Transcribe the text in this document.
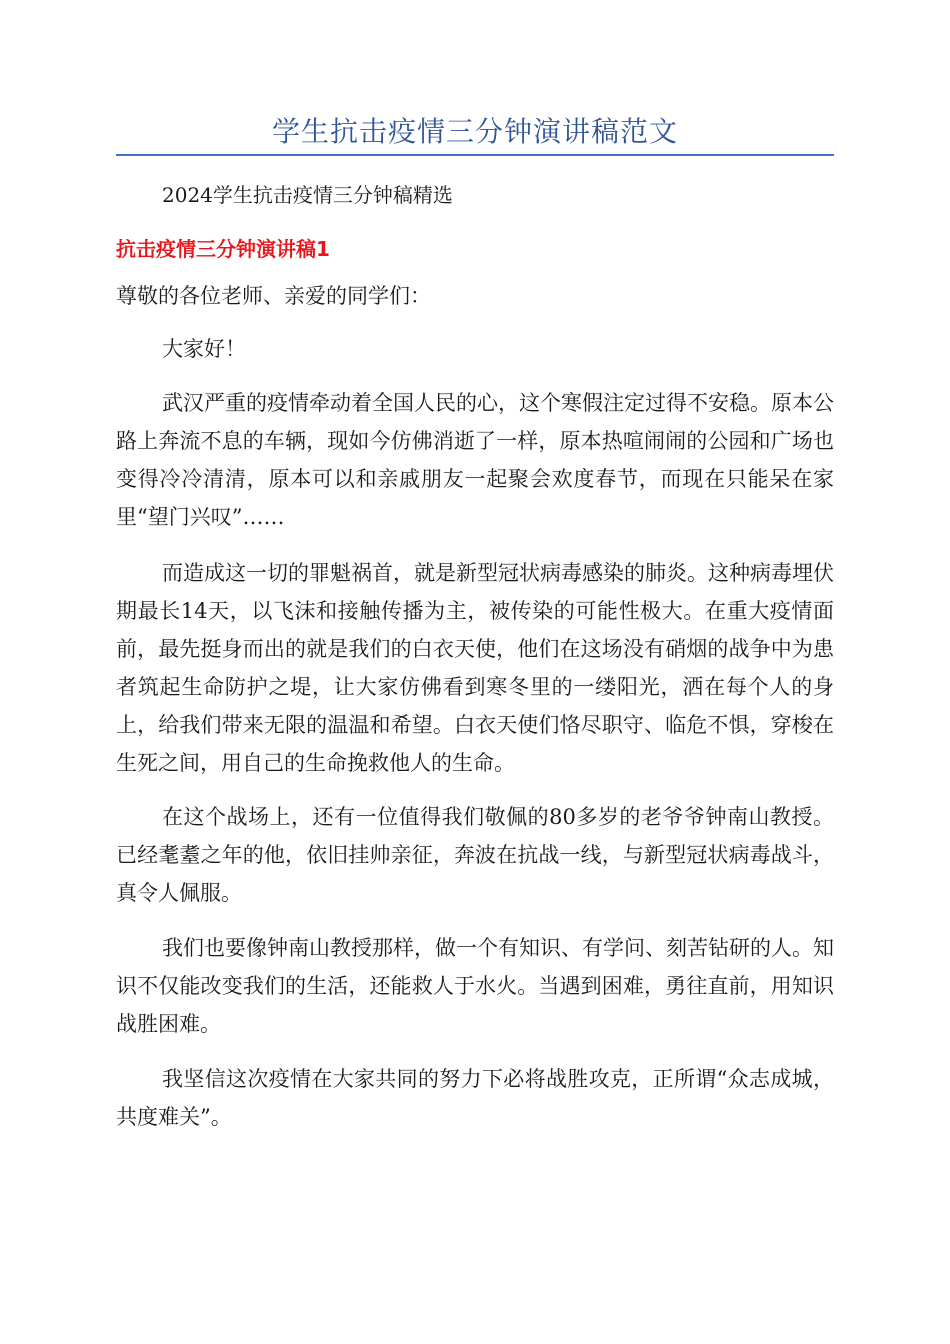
学生抗击疫情三分钟演讲稿范文
2024学生抗击疫情三分钟稿精选
抗击疫情三分钟演讲稿1

尊敬的各位老师、亲爱的同学们：

大家好！

武汉严重的疫情牵动着全国人民的心，这个寒假注定过得不安稳。原本公路上奔流不息的车辆，现如今仿佛消逝了一样，原本热喧闹闹的公园和广场也变得冷冷清清，原本可以和亲戚朋友一起聚会欢度春节，而现在只能呆在家里“望门兴叹”……

而造成这一切的罪魁祸首，就是新型冠状病毒感染的肺炎。这种病毒埋伏期最长14天，以飞沫和接触传播为主，被传染的可能性极大。在重大疫情面前，最先挺身而出的就是我们的白衣天使，他们在这场没有硝烟的战争中为患者筑起生命防护之堤，让大家仿佛看到寒冬里的一缕阳光，洒在每个人的身上，给我们带来无限的温温和希望。白衣天使们恪尽职守、临危不惧，穿梭在生死之间，用自己的生命挽救他人的生命。

在这个战场上，还有一位值得我们敬佩的80多岁的老爷爷钟南山教授。已经耄耋之年的他，依旧挂帅亲征，奔波在抗战一线，与新型冠状病毒战斗，真令人佩服。

我们也要像钟南山教授那样，做一个有知识、有学问、刻苦钻研的人。知识不仅能改变我们的生活，还能救人于水火。当遇到困难，勇往直前，用知识战胜困难。

我坚信这次疫情在大家共同的努力下必将战胜攻克，正所谓“众志成城，共度难关”。
